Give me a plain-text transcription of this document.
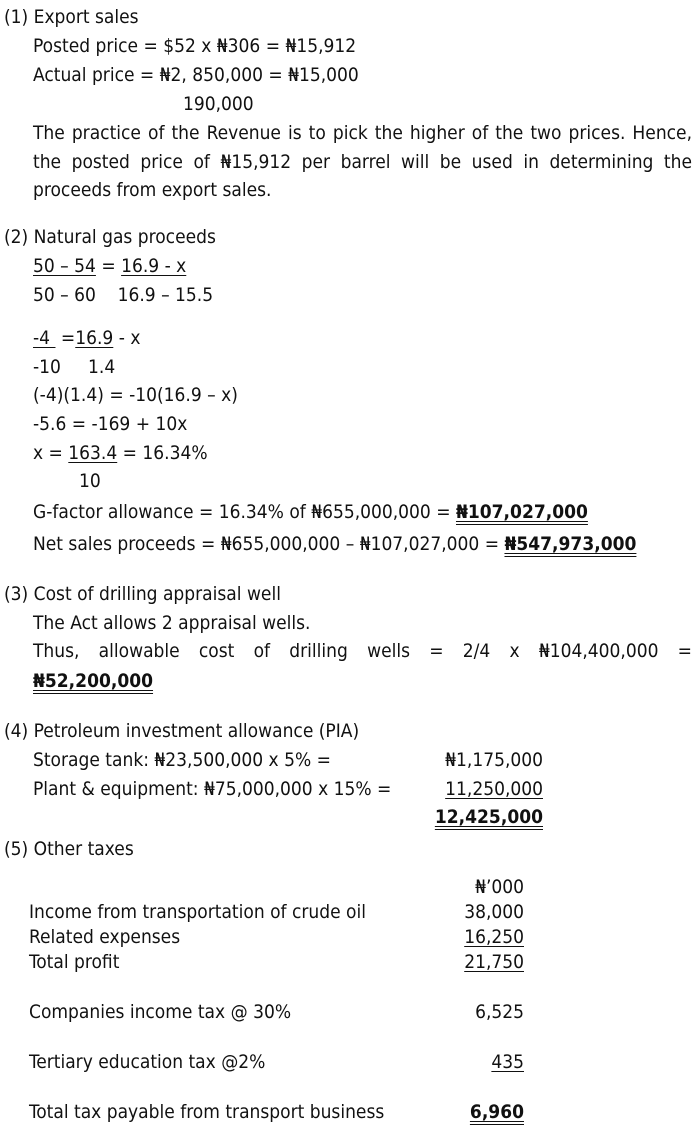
(1) Export sales
Posted price = $52 x ₦306 = ₦15,912
Actual price = ₦2, 850,000 = ₦15,000
190,000
The practice of the Revenue is to pick the higher of the two prices. Hence,
the posted price of ₦15,912 per barrel will be used in determining the
proceeds from export sales.
(2) Natural gas proceeds
50 – 54 = 16.9 - x
50 – 60    16.9 – 15.5
-4  =16.9 - x
-10     1.4
(-4)(1.4) = -10(16.9 – x)
-5.6 = -169 + 10x
x = 163.4 = 16.34%
10
G-factor allowance = 16.34% of ₦655,000,000 = ₦107,027,000
Net sales proceeds = ₦655,000,000 – ₦107,027,000 = ₦547,973,000
(3) Cost of drilling appraisal well
The Act allows 2 appraisal wells.
Thus, allowable cost of drilling wells = 2/4 x ₦104,400,000 =
₦52,200,000
(4) Petroleum investment allowance (PIA)
Storage tank: ₦23,500,000 x 5% =	₦1,175,000
Plant & equipment: ₦75,000,000 x 15% =	11,250,000
12,425,000
(5) Other taxes
₦’000
Income from transportation of crude oil	38,000
Related expenses	16,250
Total profit	21,750
Companies income tax @ 30%	6,525
Tertiary education tax @2%	435
Total tax payable from transport business	6,960
